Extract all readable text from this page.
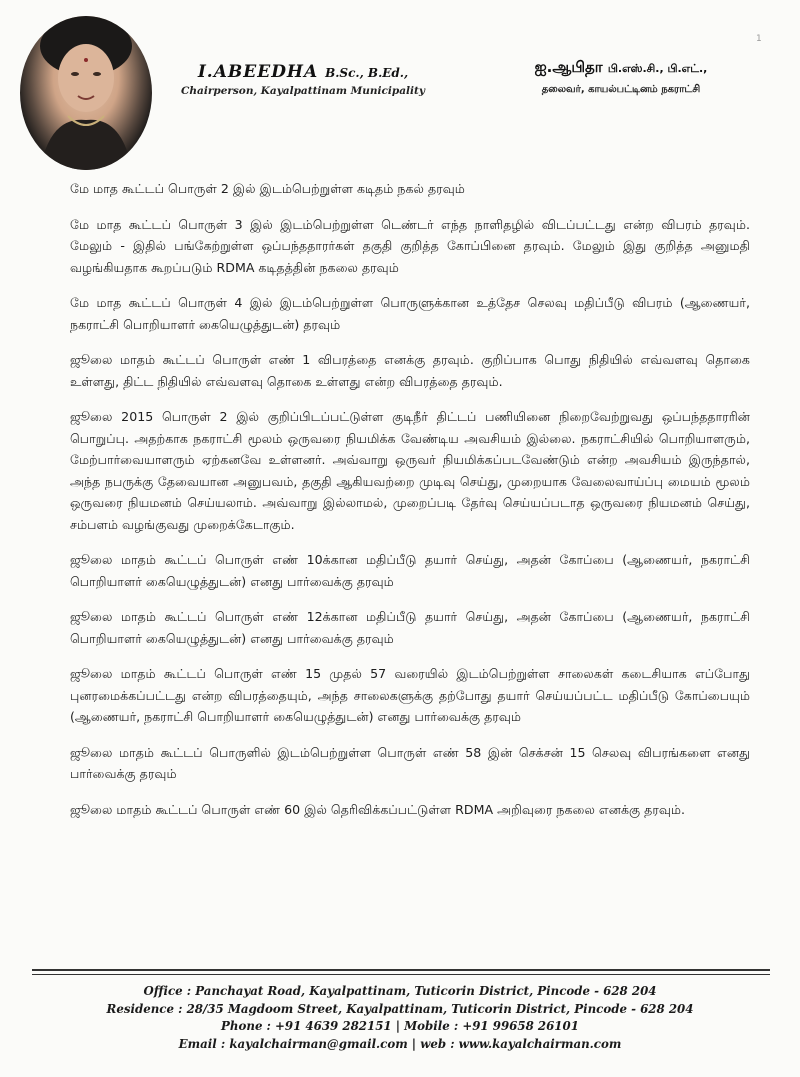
I.ABEEDHA B.Sc., B.Ed.,
Chairperson, Kayalpattinam Municipality
ஐ.ஆபிதா பி.எஸ்.சி., பி.எட்.,
தலைவர், காயல்பட்டினம் நகராட்சி
1

மே மாத கூட்டப் பொருள் 2 இல் இடம்பெற்றுள்ள கடிதம் நகல் தரவும்

மே மாத கூட்டப் பொருள் 3 இல் இடம்பெற்றுள்ள டெண்டர் எந்த நாளிதழில் விடப்பட்டது என்ற விபரம் தரவும். மேலும் - இதில் பங்கேற்றுள்ள ஒப்பந்ததாரர்கள் தகுதி குறித்த கோப்பினை தரவும். மேலும் இது குறித்த அனுமதி வழங்கியதாக கூறப்படும் RDMA கடிதத்தின் நகலை தரவும்

மே மாத கூட்டப் பொருள் 4 இல் இடம்பெற்றுள்ள பொருளுக்கான உத்தேச செலவு மதிப்பீடு விபரம் (ஆணையர், நகராட்சி பொறியாளர் கையெழுத்துடன்) தரவும்

ஜூலை மாதம் கூட்டப் பொருள் எண் 1 விபரத்தை எனக்கு தரவும். குறிப்பாக பொது நிதியில் எவ்வளவு தொகை உள்ளது, திட்ட நிதியில் எவ்வளவு தொகை உள்ளது என்ற விபரத்தை தரவும்.

ஜூலை 2015 பொருள் 2 இல் குறிப்பிடப்பட்டுள்ள குடிநீர் திட்டப் பணியினை நிறைவேற்றுவது ஒப்பந்ததாரரின் பொறுப்பு. அதற்காக நகராட்சி மூலம் ஒருவரை நியமிக்க வேண்டிய அவசியம் இல்லை. நகராட்சியில் பொறியாளரும், மேற்பார்வையாளரும் ஏற்கனவே உள்ளனர். அவ்வாறு ஒருவர் நியமிக்கப்படவேண்டும் என்ற அவசியம் இருந்தால், அந்த நபருக்கு தேவையான அனுபவம், தகுதி ஆகியவற்றை முடிவு செய்து, முறையாக வேலைவாய்ப்பு மையம் மூலம் ஒருவரை நியமனம் செய்யலாம். அவ்வாறு இல்லாமல், முறைப்படி தேர்வு செய்யப்படாத ஒருவரை நியமனம் செய்து, சம்பளம் வழங்குவது முறைக்கேடாகும்.

ஜூலை மாதம் கூட்டப் பொருள் எண் 10க்கான மதிப்பீடு தயார் செய்து, அதன் கோப்பை (ஆணையர், நகராட்சி பொறியாளர் கையெழுத்துடன்) எனது பார்வைக்கு தரவும்

ஜூலை மாதம் கூட்டப் பொருள் எண் 12க்கான மதிப்பீடு தயார் செய்து, அதன் கோப்பை (ஆணையர், நகராட்சி பொறியாளர் கையெழுத்துடன்) எனது பார்வைக்கு தரவும்

ஜூலை மாதம் கூட்டப் பொருள் எண் 15 முதல் 57 வரையில் இடம்பெற்றுள்ள சாலைகள் கடைசியாக எப்போது புனரமைக்கப்பட்டது என்ற விபரத்தையும், அந்த சாலைகளுக்கு தற்போது தயார் செய்யப்பட்ட மதிப்பீடு கோப்பையும் (ஆணையர், நகராட்சி பொறியாளர் கையெழுத்துடன்) எனது பார்வைக்கு தரவும்

ஜூலை மாதம் கூட்டப் பொருளில் இடம்பெற்றுள்ள பொருள் எண் 58 இன் செக்சன் 15 செலவு விபரங்களை எனது பார்வைக்கு தரவும்

ஜூலை மாதம் கூட்டப் பொருள் எண் 60 இல் தெரிவிக்கப்பட்டுள்ள RDMA அறிவுரை நகலை எனக்கு தரவும்.

Office : Panchayat Road, Kayalpattinam, Tuticorin District, Pincode - 628 204
Residence : 28/35 Magdoom Street, Kayalpattinam, Tuticorin District, Pincode - 628 204
Phone : +91 4639 282151 | Mobile : +91 99658 26101
Email : kayalchairman@gmail.com | web : www.kayalchairman.com
